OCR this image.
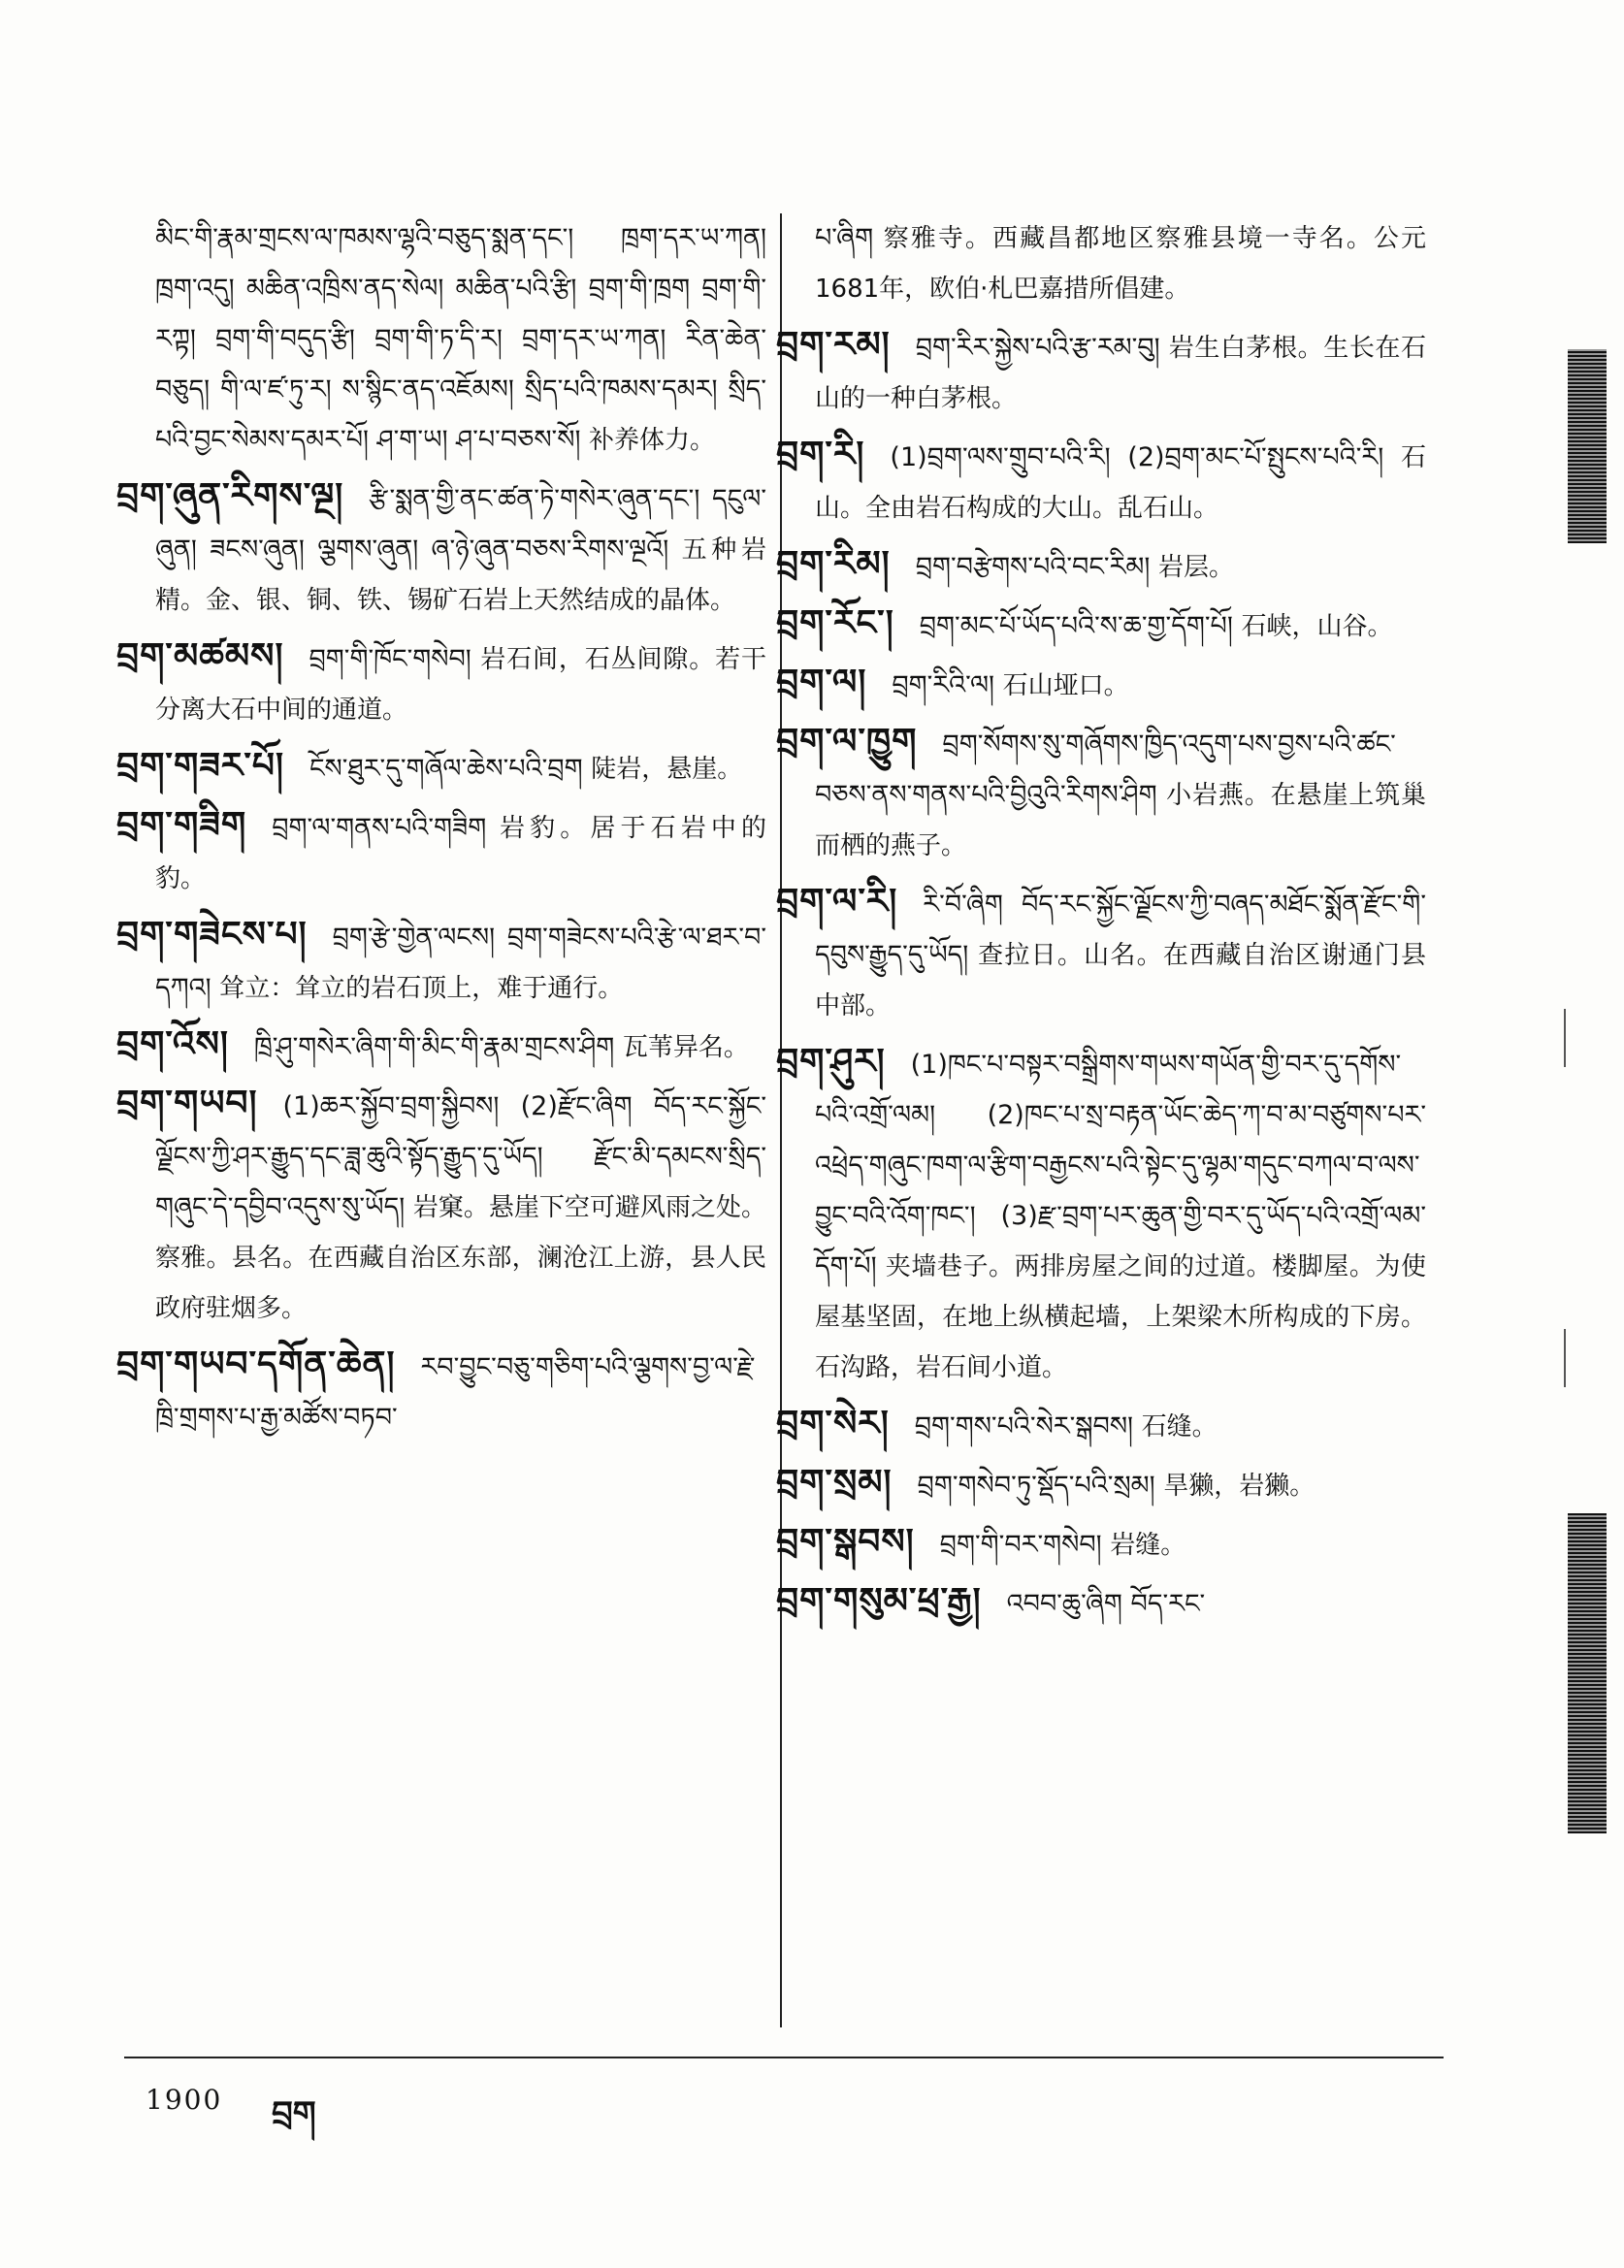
མིང་གི་རྣམ་གྲངས་ལ་ཁམས་ལྷའི་བཅུད་སྨན་དང་། ཁྲག་དར་ཡ་ཀན། ཁྲག་འདུ། མཆིན་འཁྲིས་ནད་སེལ། མཆིན་པའི་རྩི། བྲག་གི་ཁྲག བྲག་གི་རཀྟ། བྲག་གི་བདུད་རྩི། བྲག་གི་ཏ་དི་ར། བྲག་དར་ཡ་ཀན། རིན་ཆེན་བཅུད། གི་ལ་ཛ་ཏུ་ར། ས་སྙིང་ནད་འཇོམས། སྲིད་པའི་ཁམས་དམར། སྲིད་པའི་བྱང་སེམས་དམར་པོ། ཤ་ག་ཡ། ཤ་པ་བཅས་སོ། 补养体力。

བྲག་ཞུན་རིགས་ལྔ། རྩི་སྨན་གྱི་ནང་ཚན་ཏེ་གསེར་ཞུན་དང་། དངུལ་ཞུན། ཟངས་ཞུན། ལྕགས་ཞུན། ཞ་ཉེ་ཞུན་བཅས་རིགས་ལྔའོ། 五种岩精。金、银、铜、铁、锡矿石岩上天然结成的晶体。

བྲག་མཚམས། བྲག་གི་ཁོང་གསེབ། 岩石间，石丛间隙。若干分离大石中间的通道。

བྲག་གཟར་པོ། ངོས་ཐུར་དུ་གཞོལ་ཆེས་པའི་བྲག 陡岩，悬崖。

བྲག་གཟིག བྲག་ལ་གནས་པའི་གཟིག 岩豹。居于石岩中的豹。

བྲག་གཟེངས་པ། བྲག་རྩེ་གྱེན་ལངས། བྲག་གཟེངས་པའི་རྩེ་ལ་ཐར་བ་དཀའ། 耸立：耸立的岩石顶上，难于通行。

བྲག་འོས། ཁྲི་ཤུ་གསེར་ཞིག་གི་མིང་གི་རྣམ་གྲངས་ཤིག 瓦苇异名。

བྲག་གཡབ། (1)ཆར་སྐྱོབ་བྲག་སྐྱིབས། (2)རྫོང་ཞིག བོད་རང་སྐྱོང་ལྗོངས་ཀྱི་ཤར་རྒྱུད་དང་ཟླ་ཆུའི་སྟོད་རྒྱུད་དུ་ཡོད། རྫོང་མི་དམངས་སྲིད་གཞུང་དེ་དབྱིབ་འདུས་སུ་ཡོད། 岩窠。悬崖下空可避风雨之处。察雅。县名。在西藏自治区东部，澜沧江上游，县人民政府驻烟多。

བྲག་གཡབ་དགོན་ཆེན། རབ་བྱུང་བཅུ་གཅིག་པའི་ལྕགས་བྱ་ལ་རྗེ་ཁྲི་གྲགས་པ་རྒྱ་མཚོས་བཏབ་

པ་ཞིག 察雅寺。西藏昌都地区察雅县境一寺名。公元1681年，欧伯·札巴嘉措所倡建。

བྲག་རམ། བྲག་རིར་སྐྱེས་པའི་རྩ་རམ་བུ། 岩生白茅根。生长在石山的一种白茅根。

བྲག་རི། (1)བྲག་ལས་གྲུབ་པའི་རི། (2)བྲག་མང་པོ་སྤུངས་པའི་རི། 石山。全由岩石构成的大山。乱石山。

བྲག་རིམ། བྲག་བརྩེགས་པའི་བང་རིམ། 岩层。

བྲག་རོང་། བྲག་མང་པོ་ཡོད་པའི་ས་ཆ་གྱ་དོག་པོ། 石峡，山谷。

བྲག་ལ། བྲག་རིའི་ལ། 石山垭口。

བྲག་ལ་ཁྱུག བྲག་སོགས་སུ་གཞོགས་ཁྱིད་འདུག་པས་བྱས་པའི་ཚང་བཅས་ནས་གནས་པའི་བྱིའུའི་རིགས་ཤིག 小岩燕。在悬崖上筑巢而栖的燕子。

བྲག་ལ་རི། རི་བོ་ཞིག བོད་རང་སྐྱོང་ལྗོངས་ཀྱི་བཞད་མཐོང་སྨོན་རྫོང་གི་དབུས་རྒྱུད་དུ་ཡོད། 查拉日。山名。在西藏自治区谢通门县中部。

བྲག་ཤུར། (1)ཁང་པ་བསྟར་བསྒྲིགས་གཡས་གཡོན་གྱི་བར་དུ་དགོས་པའི་འགྲོ་ལམ། (2)ཁང་པ་སྲ་བརྟན་ཡོང་ཆེད་ཀ་བ་མ་བཙུགས་པར་འཕྲེད་གཞུང་ཁག་ལ་རྩིག་བརྒྱངས་པའི་སྟེང་དུ་ལྷམ་གདུང་བཀལ་བ་ལས་བྱུང་བའི་འོག་ཁང་། (3)རྫ་བྲག་པར་ཆུན་གྱི་བར་དུ་ཡོད་པའི་འགྲོ་ལམ་དོག་པོ། 夹墙巷子。两排房屋之间的过道。楼脚屋。为使屋基坚固，在地上纵横起墙，上架梁木所构成的下房。石沟路，岩石间小道。

བྲག་སེར། བྲག་གས་པའི་སེར་སྒབས། 石缝。

བྲག་སྲམ། བྲག་གསེབ་ཏུ་སྡོད་པའི་སྲམ། 旱獭，岩獭。

བྲག་སྒབས། བྲག་གི་བར་གསེབ། 岩缝。

བྲག་གསུམ་ཕྲ་རྒྱ། འབབ་ཆུ་ཞིག བོད་རང་

1900 བྲག
